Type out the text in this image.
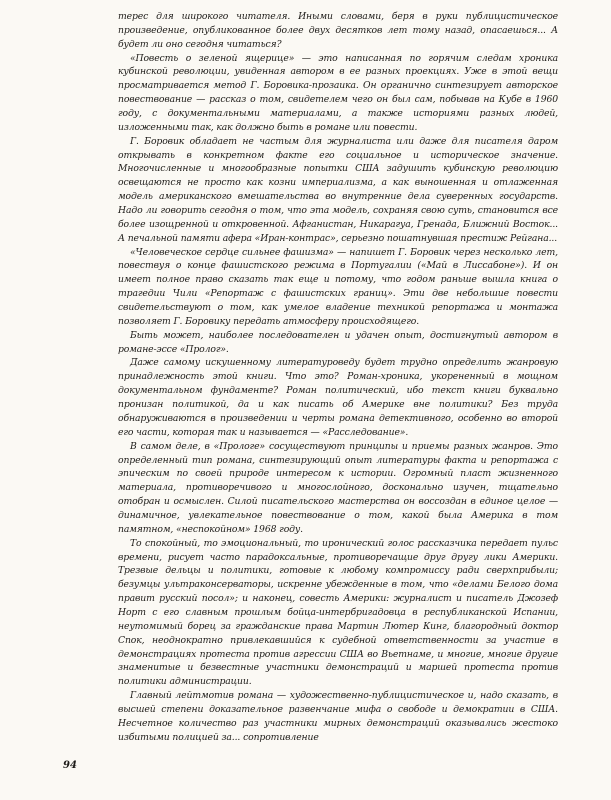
терес для широкого читателя. Иными словами, беря в руки публицистическое произведение, опубликованное более двух десятков лет тому назад, опасаешься... А будет ли оно сегодня читаться?

«Повесть о зеленой ящерице» — это написанная по горячим следам хроника кубинской революции, увиденная автором в ее разных проекциях. Уже в этой вещи просматривается метод Г. Боровика-прозаика. Он органично синтезирует авторское повествование — рассказ о том, свидетелем чего он был сам, побывав на Кубе в 1960 году, с документальными материалами, а также историями разных людей, изложенными так, как должно быть в романе или повести.

Г. Боровик обладает не частым для журналиста или даже для писателя даром открывать в конкретном факте его социальное и историческое значение. Многочисленные и многообразные попытки США задушить кубинскую революцию освещаются не просто как козни империализма, а как выношенная и отлаженная модель американского вмешательства во внутренние дела суверенных государств. Надо ли говорить сегодня о том, что эта модель, сохраняя свою суть, становится все более изощренной и откровенной. Афганистан, Никарагуа, Гренада, Ближний Восток... А печальной памяти афера «Иран-контрас», серьезно пошатнувшая престиж Рейгана...

«Человеческое сердце сильнее фашизма» — напишет Г. Боровик через несколько лет, повествуя о конце фашистского режима в Португалии («Май в Лиссабоне»). И он имеет полное право сказать так еще и потому, что годом раньше вышла книга о трагедии Чили «Репортаж с фашистских границ». Эти две небольшие повести свидетельствуют о том, как умелое владение техникой репортажа и монтажа позволяет Г. Боровику передать атмосферу происходящего.

Быть может, наиболее последователен и удачен опыт, достигнутый автором в романе-эссе «Пролог».

Даже самому искушенному литературоведу будет трудно определить жанровую принадлежность этой книги. Что это? Роман-хроника, укорененный в мощном документальном фундаменте? Роман политический, ибо текст книги буквально пронизан политикой, да и как писать об Америке вне политики? Без труда обнаруживаются в произведении и черты романа детективного, особенно во второй его части, которая так и называется — «Расследование».

В самом деле, в «Прологе» сосуществуют принципы и приемы разных жанров. Это определенный тип романа, синтезирующий опыт литературы факта и репортажа с эпическим по своей природе интересом к истории. Огромный пласт жизненного материала, противоречивого и многослойного, досконально изучен, тщательно отобран и осмыслен. Силой писательского мастерства он воссоздан в единое целое — динамичное, увлекательное повествование о том, какой была Америка в том памятном, «неспокойном» 1968 году.

То спокойный, то эмоциональный, то иронический голос рассказчика передает пульс времени, рисует часто парадоксальные, противоречащие друг другу лики Америки. Трезвые дельцы и политики, готовые к любому компромиссу ради сверхприбыли; безумцы ультраконсерваторы, искренне убежденные в том, что «делами Белого дома правит русский посол»; и наконец, совесть Америки: журналист и писатель Джозеф Норт с его славным прошлым бойца-интербригадовца в республиканской Испании, неутомимый борец за гражданские права Мартин Лютер Кинг, благородный доктор Спок, неоднократно привлекавшийся к судебной ответственности за участие в демонстрациях протеста против агрессии США во Вьетнаме, и многие, многие другие знаменитые и безвестные участники демонстраций и маршей протеста против политики администрации.

Главный лейтмотив романа — художественно-публицистическое и, надо сказать, в высшей степени доказательное развенчание мифа о свободе и демократии в США. Несчетное количество раз участники мирных демонстраций оказывались жестоко избитыми полицией за... сопротивление

94
